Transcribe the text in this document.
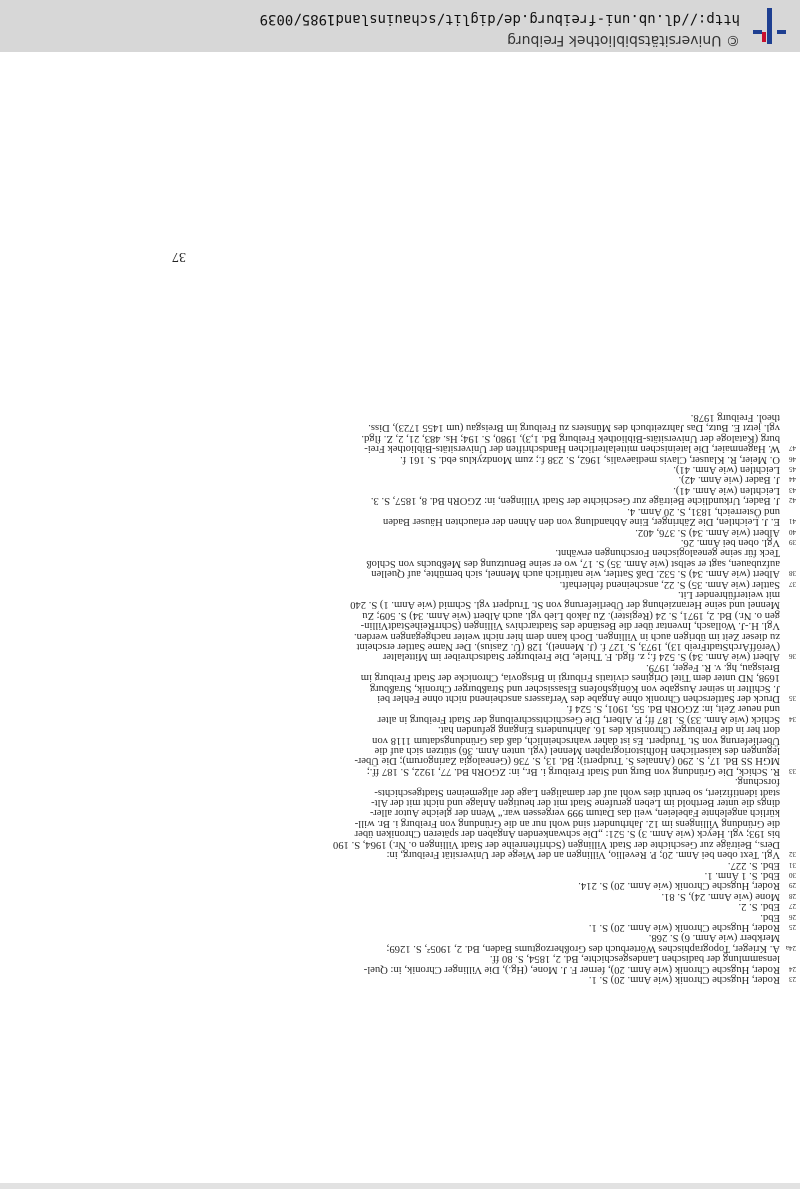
23
Roder, Hugsche Chronik (wie Anm. 20) S. 1.
24
Roder, Hugsche Chronik (wie Anm. 20), ferner F. J. Mone, (Hg.), Die Villinger Chronik, in: Quel-
lensammlung der badischen Landesgeschichte, Bd. 2, 1854, S. 80 ff.
24a
A. Krieger, Topographisches Wörterbuch des Großherzogtums Baden, Bd. 2, 1905², S. 1269;
Merkberr (wie Anm. 6) S. 268.
25
Roder, Hugsche Chronik (wie Anm. 20) S. 1.
26
Ebd.
27
Ebd. S. 2.
28
Mone (wie Anm. 24), S. 81.
29
Roder, Hugsche Chronik (wie Anm. 20) S. 214.
30
Ebd. S. 1 Anm. 1.
31
Ebd. S. 227.
32
Vgl. Text oben bei Anm. 20; P. Revellio, Villingen an der Wiege der Universität Freiburg, in:
Ders., Beiträge zur Geschichte der Stadt Villingen (Schriftenreihe der Stadt Villingen o. Nr.) 1964, S. 190
bis 193; vgl. Heyck (wie Anm. 3) S. 521: „Die schwankenden Angaben der späteren Chroniken über
die Gründung Villingens im 12. Jahrhundert sind wohl nur an die Gründung von Freiburg i. Br. will-
kürlich angelehnte Fabeleien, weil das Datum 999 vergessen war.“ Wenn der gleiche Autor aller-
dings die unter Berthold im Leben gerufene Stadt mit der heutigen Anlage und nicht mit der Alt-
stadt identifiziert, so beruht dies wohl auf der damaligen Lage der allgemeinen Stadtgeschichts-
forschung.
33
R. Schick, Die Gründung von Burg und Stadt Freiburg i. Br., in: ZGORh Bd. 77, 1922, S. 187 ff.;
MGH SS Bd. 17, S. 290 (Annales S. Trudperti); Bd. 13, S. 736 (Genealogia Zaringorum); Die Über-
legungen des kaiserlichen Hofhistoriographen Mennel (vgl. unten Anm. 36) stützen sich auf die
Überlieferung von St. Trudpert. Es ist daher wahrscheinlich, daß das Gründungsdatum 1118 von
dort her in die Freiburger Chronistik des 16. Jahrhunderts Eingang gefunden hat.
34
Schick (wie Anm. 33) S. 187 ff; P. Albert, Die Geschichtsschreibung der Stadt Freiburg in alter
und neuer Zeit, in: ZGORh Bd. 55, 1901, S. 524 f.
35
Druck der Sattlerschen Chronik ohne Angabe des Verfassers anscheinend nicht ohne Fehler bei
J. Schilter in seiner Ausgabe von Königshofens Elsassischer und Straßburger Chronik, Straßburg
1698, ND unter dem Titel Origines civitatis Friburgi in Brisgovia, Chronicke der Stadt Freiburg im
Breisgau, hg. v. R. Feger, 1979.
36
Albert (wie Anm. 34) S. 524 f.; z. flgd. F. Thiele, Die Freiburger Stadtschreiber im Mittelalter
(VeröffArchStadtFreib 13), 1973, S. 127 f. (J. Mennel), 128 (U. Zasius). Der Name Sattler erscheint
zu dieser Zeit im übrigen auch in Villingen. Doch kann dem hier nicht weiter nachgegangen werden.
Vgl. H.-J. Wollasch, Inventar über die Bestände des Stadtarchivs Villingen (SchrrReiheStadtVillin-
gen o. Nr.) Bd. 2, 1971, S. 24 (Register). Zu Jakob Lieb vgl. auch Albert (wie Anm. 34) S. 509; Zu
Mennel und seine Heranziehung der Überlieferung von St. Trudpert vgl. Schmid (wie Anm. 1) S. 240
mit weiterführender Lit.
37
Sattler (wie Anm. 35) S. 22, anscheinend fehlerhaft.
38
Albert (wie Anm. 34) S. 532. Daß Sattler, wie natürlich auch Mennel, sich bemühte, auf Quellen
aufzubauen, sagt er selbst (wie Anm. 35) S. 17, wo er seine Benutzung des Meßbuchs von Schloß
Teck für seine genealogischen Forschungen erwähnt.
39
Vgl. oben bei Anm. 26.
40
Albert (wie Anm. 34) S. 376, 402.
41
E. J. Leichtlen, Die Zähringer, Eine Abhandlung von den Ahnen der erlauchten Häuser Baden
und Österreich, 1831, S. 20 Anm. 4.
42
J. Bader, Urkundliche Beiträge zur Geschichte der Stadt Villingen, in: ZGORh Bd. 8, 1857, S. 3.
43
Leichtlen (wie Anm. 41).
44
J. Bader (wie Anm. 42).
45
Leichtlen (wie Anm. 41).
46
O. Meier, R. Klauser, Clavis mediaevalis, 1962, S. 238 f.; zum Mondzyklus ebd. S. 161 f.
47
W. Hagenmaier, Die lateinischen mittelalterlichen Handschriften der Universitäts-Bibliothek Frei-
burg (Kataloge der Universitäts-Bibliothek Freiburg Bd. 1,3), 1980, S. 194; Hs. 483, 21, 2, Z. flgd.
vgl. jetzt E. Butz, Das Jahrzeitbuch des Münsters zu Freiburg im Breisgau (um 1455 1723), Diss.
theol. Freiburg 1978.
37
© Universitätsbibliothek Freiburg
http://dl.ub.uni-freiburg.de/diglit/schauinsland1985/0039
